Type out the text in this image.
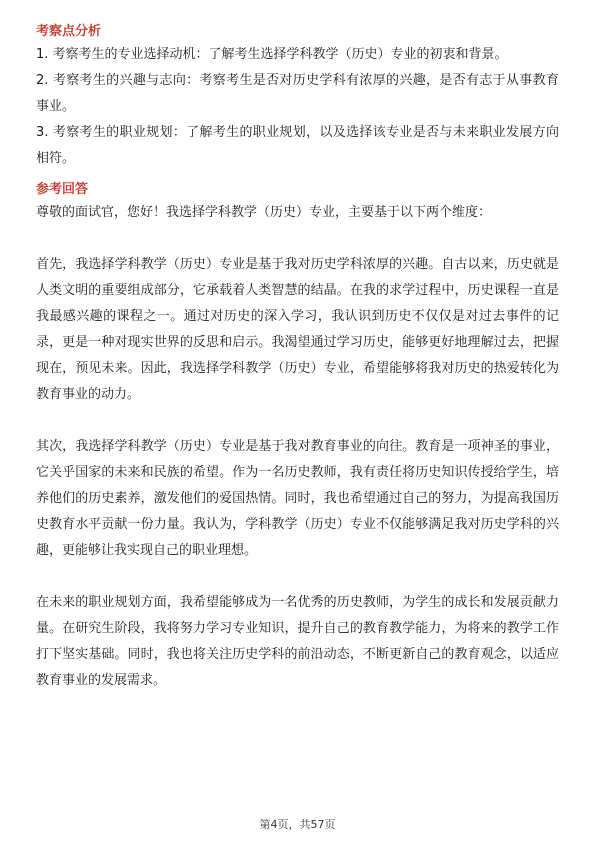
考察点分析

1. 考察考生的专业选择动机：了解考生选择学科教学（历史）专业的初衷和背景。

2. 考察考生的兴趣与志向：考察考生是否对历史学科有浓厚的兴趣，是否有志于从事教育事业。

3. 考察考生的职业规划：了解考生的职业规划，以及选择该专业是否与未来职业发展方向相符。

参考回答

尊敬的面试官，您好！我选择学科教学（历史）专业，主要基于以下两个维度：

首先，我选择学科教学（历史）专业是基于我对历史学科浓厚的兴趣。自古以来，历史就是人类文明的重要组成部分，它承载着人类智慧的结晶。在我的求学过程中，历史课程一直是我最感兴趣的课程之一。通过对历史的深入学习，我认识到历史不仅仅是对过去事件的记录，更是一种对现实世界的反思和启示。我渴望通过学习历史，能够更好地理解过去，把握现在，预见未来。因此，我选择学科教学（历史）专业，希望能够将我对历史的热爱转化为教育事业的动力。

其次，我选择学科教学（历史）专业是基于我对教育事业的向往。教育是一项神圣的事业，它关乎国家的未来和民族的希望。作为一名历史教师，我有责任将历史知识传授给学生，培养他们的历史素养，激发他们的爱国热情。同时，我也希望通过自己的努力，为提高我国历史教育水平贡献一份力量。我认为，学科教学（历史）专业不仅能够满足我对历史学科的兴趣，更能够让我实现自己的职业理想。

在未来的职业规划方面，我希望能够成为一名优秀的历史教师，为学生的成长和发展贡献力量。在研究生阶段，我将努力学习专业知识，提升自己的教育教学能力，为将来的教学工作打下坚实基础。同时，我也将关注历史学科的前沿动态，不断更新自己的教育观念，以适应教育事业的发展需求。

第4页，共57页
